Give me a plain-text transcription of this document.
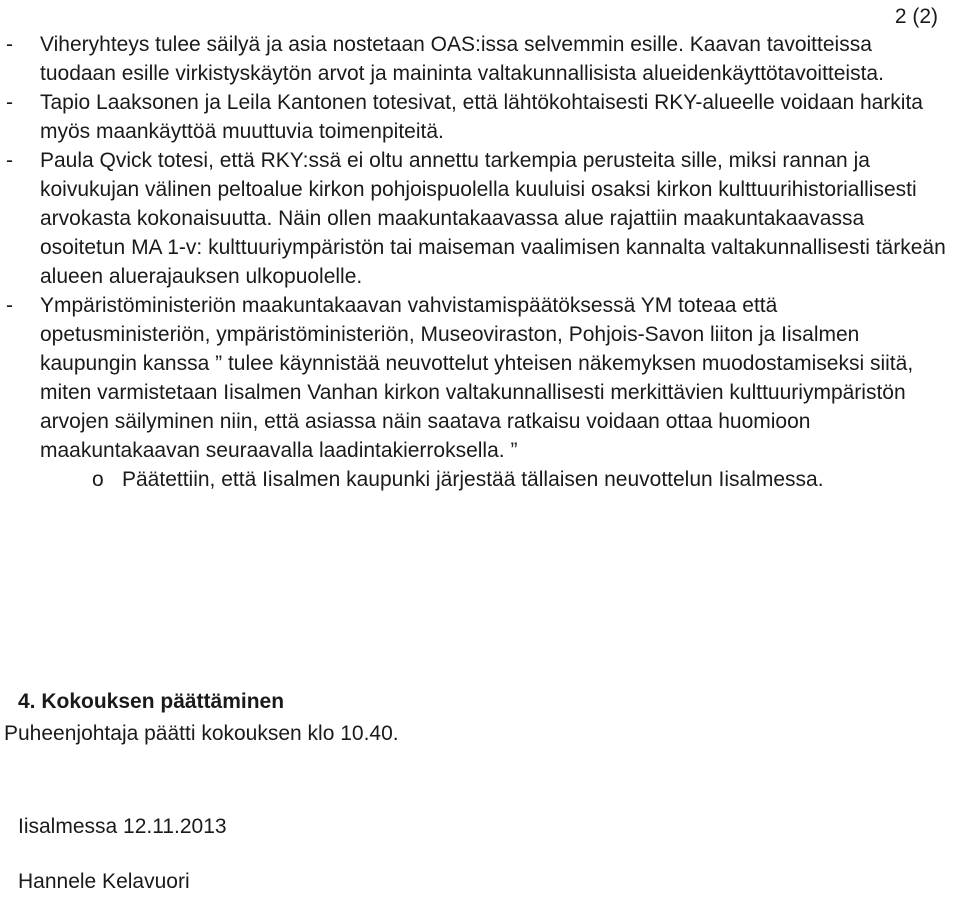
2 (2)

- Viheryhteys tulee säilyä ja asia nostetaan OAS:issa selvemmin esille. Kaavan tavoitteissa tuodaan esille virkistyskäytön arvot ja maininta valtakunnallisista alueidenkäyttötavoitteista.
- Tapio Laaksonen ja Leila Kantonen totesivat, että lähtökohtaisesti RKY-alueelle voidaan harkita myös maankäyttöä muuttuvia toimenpiteitä.
- Paula Qvick totesi, että RKY:ssä ei oltu annettu tarkempia perusteita sille, miksi rannan ja koivukujan välinen peltoalue kirkon pohjoispuolella kuuluisi osaksi kirkon kulttuurihistoriallisesti arvokasta kokonaisuutta. Näin ollen maakuntakaavassa alue rajattiin maakuntakaavassa osoitetun MA 1-v: kulttuuriympäristön tai maiseman vaalimisen kannalta valtakunnallisesti tärkeän alueen aluerajauksen ulkopuolelle.
- Ympäristöministeriön maakuntakaavan vahvistamispäätöksessä YM toteaa että opetusministeriön, ympäristöministeriön, Museoviraston, Pohjois-Savon liiton ja Iisalmen kaupungin kanssa ” tulee käynnistää neuvottelut yhteisen näkemyksen muodostamiseksi siitä, miten varmistetaan Iisalmen Vanhan kirkon valtakunnallisesti merkittävien kulttuuriympäristön arvojen säilyminen niin, että asiassa näin saatava ratkaisu voidaan ottaa huomioon maakuntakaavan seuraavalla laadintakierroksella. ”
o Päätettiin, että Iisalmen kaupunki järjestää tällaisen neuvottelun Iisalmessa.
4. Kokouksen päättäminen

Puheenjohtaja päätti kokouksen klo 10.40.

Iisalmessa 12.11.2013

Hannele Kelavuori
